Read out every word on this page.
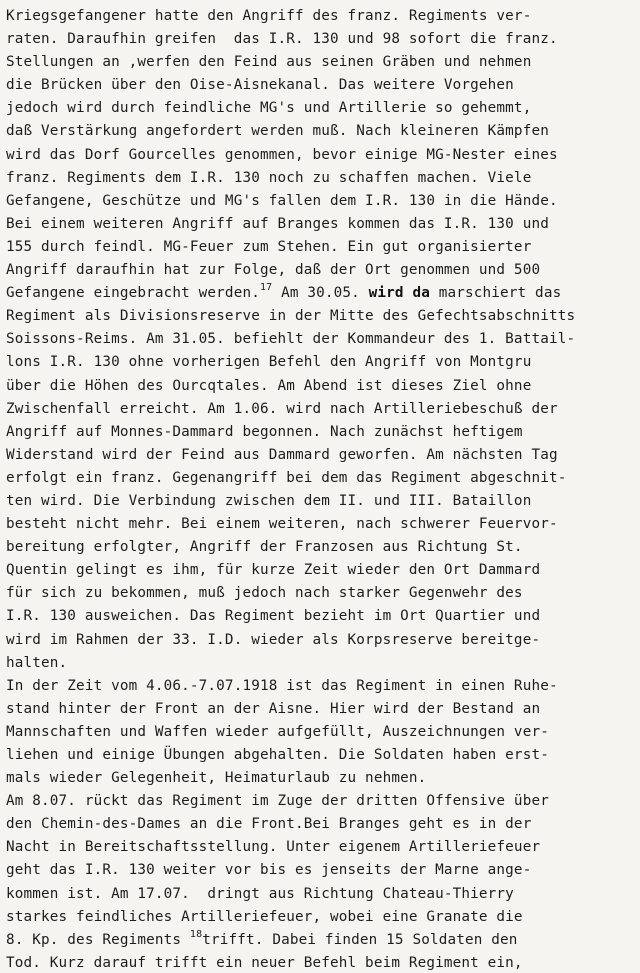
Kriegsgefangener hatte den Angriff des franz. Regiments ver-
raten. Daraufhin greifen  das I.R. 130 und 98 sofort die franz.
Stellungen an ,werfen den Feind aus seinen Gräben und nehmen
die Brücken über den Oise-Aisnekanal. Das weitere Vorgehen
jedoch wird durch feindliche MG's und Artillerie so gehemmt,
daß Verstärkung angefordert werden muß. Nach kleineren Kämpfen
wird das Dorf Gourcelles genommen, bevor einige MG-Nester eines
franz. Regiments dem I.R. 130 noch zu schaffen machen. Viele
Gefangene, Geschütze und MG's fallen dem I.R. 130 in die Hände.
Bei einem weiteren Angriff auf Branges kommen das I.R. 130 und
155 durch feindl. MG-Feuer zum Stehen. Ein gut organisierter
Angriff daraufhin hat zur Folge, daß der Ort genommen und 500
Gefangene eingebracht werden.$^{17}$ Am 30.05. wird da marschiert das
Regiment als Divisionsreserve in der Mitte des Gefechtsabschnitts
Soissons-Reims. Am 31.05. befiehlt der Kommandeur des 1. Battail-
lons I.R. 130 ohne vorherigen Befehl den Angriff von Montgru
über die Höhen des Ourcqtales. Am Abend ist dieses Ziel ohne
Zwischenfall erreicht. Am 1.06. wird nach Artilleriebeschuß der
Angriff auf Monnes-Dammard begonnen. Nach zunächst heftigem
Widerstand wird der Feind aus Dammard geworfen. Am nächsten Tag
erfolgt ein franz. Gegenangriff bei dem das Regiment abgeschnit-
ten wird. Die Verbindung zwischen dem II. und III. Bataillon
besteht nicht mehr. Bei einem weiteren, nach schwerer Feuervor-
bereitung erfolgter, Angriff der Franzosen aus Richtung St.
Quentin gelingt es ihm, für kurze Zeit wieder den Ort Dammard
für sich zu bekommen, muß jedoch nach starker Gegenwehr des
I.R. 130 ausweichen. Das Regiment bezieht im Ort Quartier und
wird im Rahmen der 33. I.D. wieder als Korpsreserve bereitge-
halten.
In der Zeit vom 4.06.-7.07.1918 ist das Regiment in einen Ruhe-
stand hinter der Front an der Aisne. Hier wird der Bestand an
Mannschaften und Waffen wieder aufgefüllt, Auszeichnungen ver-
liehen und einige Übungen abgehalten. Die Soldaten haben erst-
mals wieder Gelegenheit, Heimaturlaub zu nehmen.
Am 8.07. rückt das Regiment im Zuge der dritten Offensive über
den Chemin-des-Dames an die Front.Bei Branges geht es in der
Nacht in Bereitschaftsstellung. Unter eigenem Artilleriefeuer
geht das I.R. 130 weiter vor bis es jenseits der Marne ange-
kommen ist. Am 17.07.  dringt aus Richtung Chateau-Thierry
starkes feindliches Artilleriefeuer, wobei eine Granate die
8. Kp. des Regiments $^{18}$trifft. Dabei finden 15 Soldaten den
Tod. Kurz darauf trifft ein neuer Befehl beim Regiment ein,
